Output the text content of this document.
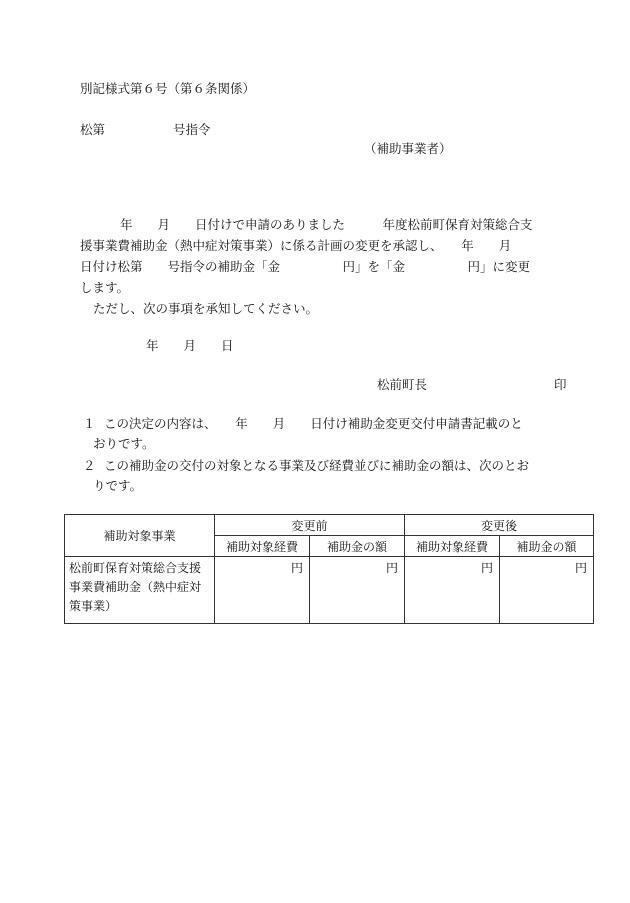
別記様式第６号（第６条関係）
松第	号指令
（補助事業者）
年　　月　　日付けで申請のありました　　　年度松前町保育対策総合支
援事業費補助金（熱中症対策事業）に係る計画の変更を承認し、　　年　　月
日付け松第　　号指令の補助金「金　　　　　円」を「金　　　　　円」に変更
します。
ただし、次の事項を承知してください。
年　　月　　日
松前町長	印
１ この決定の内容は、　　年　　月　　日付け補助金変更交付申請書記載のと
おりです。
２ この補助金の交付の対象となる事業及び経費並びに補助金の額は、次のとお
りです。
補助対象事業	変更前		変更後	
	補助対象経費	補助金の額	補助対象経費	補助金の額
松前町保育対策総合支援事業費補助金（熱中症対策事業）	円	円	円	円
